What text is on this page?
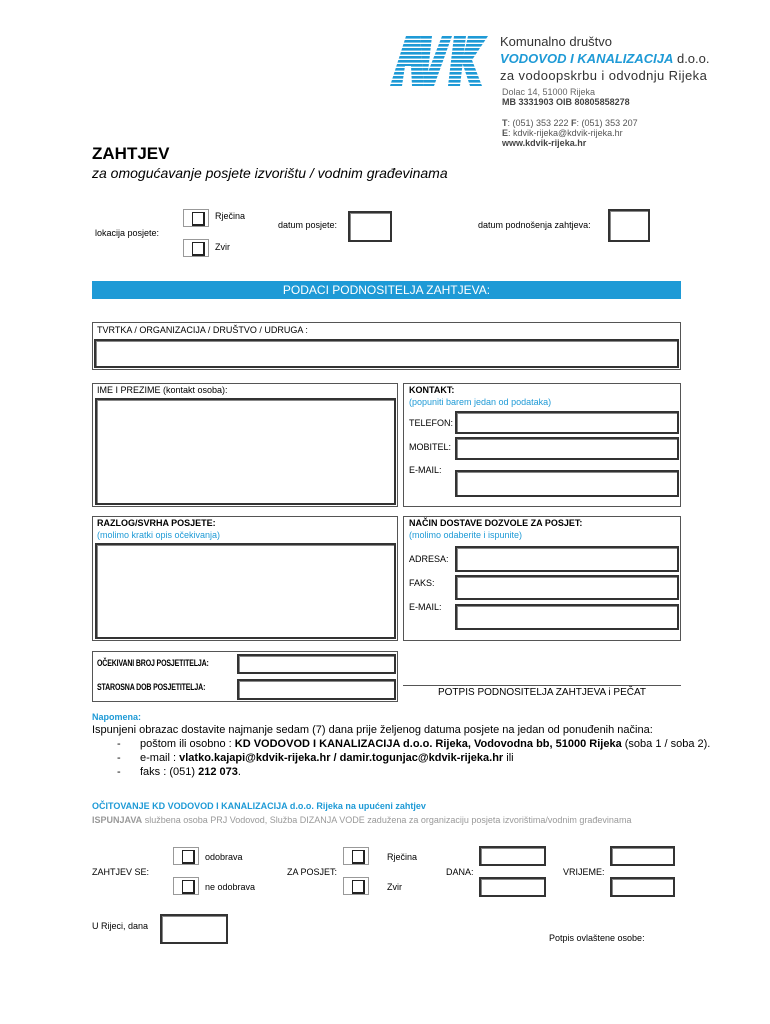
Komunalno društvo
VODOVOD I KANALIZACIJA d.o.o.
za vodoopskrbu i odvodnju Rijeka
Dolac 14, 51000 Rijeka
MB 3331903 OIB 80805858278
T: (051) 353 222 F: (051) 353 207
E: kdvik-rijeka@kdvik-rijeka.hr
www.kdvik-rijeka.hr
ZAHTJEV
za omogućavanje posjete izvorištu / vodnim građevinama
lokacija posjete:
Rječina
Zvir
datum posjete:	datum podnošenja zahtjeva:
PODACI PODNOSITELJA ZAHTJEVA:
TVRTKA / ORGANIZACIJA / DRUŠTVO / UDRUGA :
IME I PREZIME (kontakt osoba):	KONTAKT:
(popuniti barem jedan od podataka)
TELEFON:
MOBITEL:
E-MAIL:
RAZLOG/SVRHA POSJETE:
(molimo kratki opis očekivanja)
NAČIN DOSTAVE DOZVOLE ZA POSJET:
(molimo odaberite i ispunite)
ADRESA:
FAKS:
E-MAIL:
OČEKIVANI BROJ POSJETITELJA:
STAROSNA DOB POSJETITELJA:	POTPIS PODNOSITELJA ZAHTJEVA i PEČAT
Napomena:
Ispunjeni obrazac dostavite najmanje sedam (7) dana prije željenog datuma posjete na jedan od ponuđenih načina:
- poštom ili osobno : KD VODOVOD I KANALIZACIJA d.o.o. Rijeka, Vodovodna bb, 51000 Rijeka (soba 1 / soba 2).
- e-mail : vlatko.kajapi@kdvik-rijeka.hr / damir.togunjac@kdvik-rijeka.hr ili
- faks : (051) 212 073.
OČITOVANJE KD VODOVOD I KANALIZACIJA d.o.o. Rijeka na upućeni zahtjev
ISPUNJAVA službena osoba PRJ Vodovod, Služba DIZANJA VODE zadužena za organizaciju posjeta izvorištima/vodnim građevinama
ZAHTJEV SE:
odobrava
ne odobrava
ZA POSJET:
Rječina
Zvir
DANA:	VRIJEME:
U Rijeci, dana
Potpis ovlaštene osobe:
